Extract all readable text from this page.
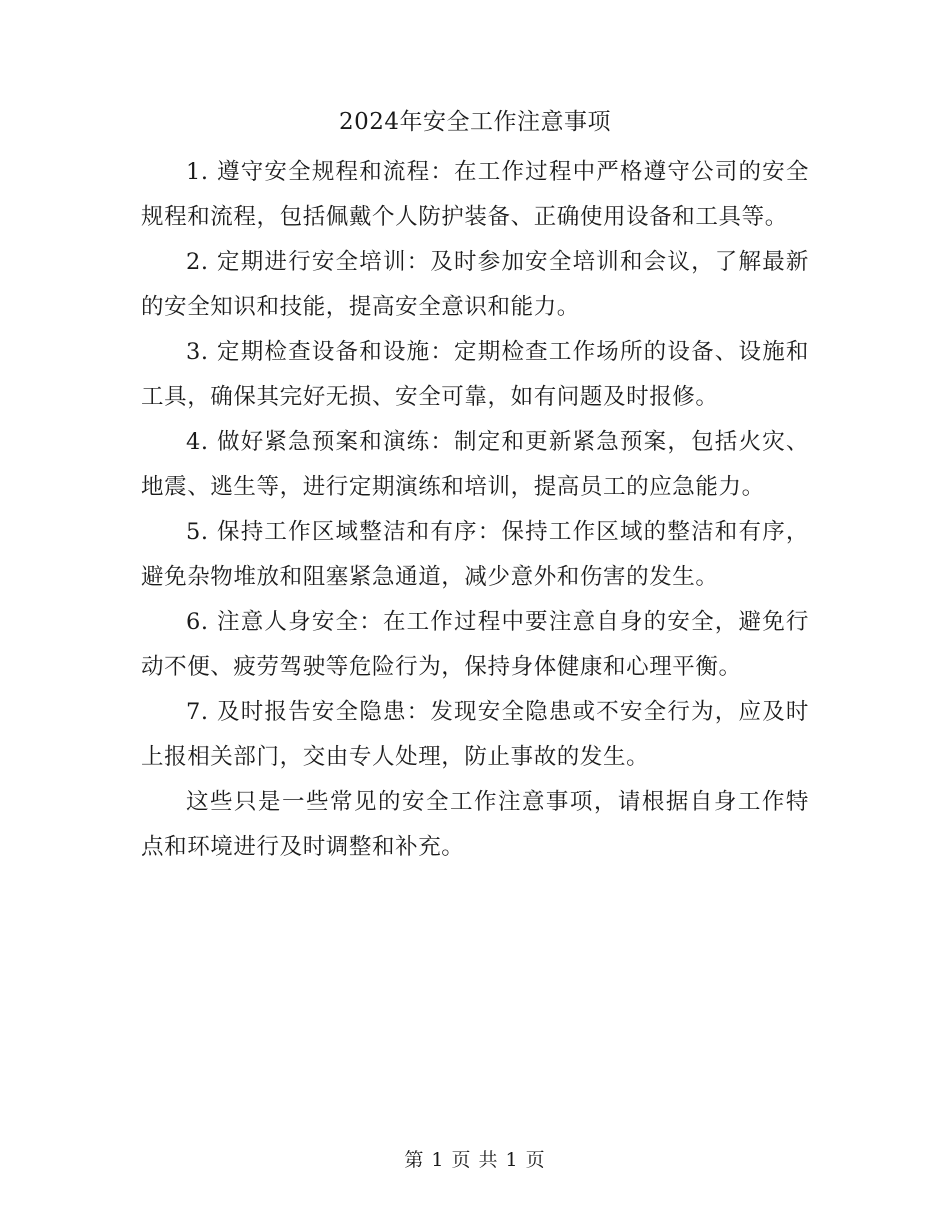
2024年安全工作注意事项

1. 遵守安全规程和流程：在工作过程中严格遵守公司的安全规程和流程，包括佩戴个人防护装备、正确使用设备和工具等。

2. 定期进行安全培训：及时参加安全培训和会议，了解最新的安全知识和技能，提高安全意识和能力。

3. 定期检查设备和设施：定期检查工作场所的设备、设施和工具，确保其完好无损、安全可靠，如有问题及时报修。

4. 做好紧急预案和演练：制定和更新紧急预案，包括火灾、地震、逃生等，进行定期演练和培训，提高员工的应急能力。

5. 保持工作区域整洁和有序：保持工作区域的整洁和有序，避免杂物堆放和阻塞紧急通道，减少意外和伤害的发生。

6. 注意人身安全：在工作过程中要注意自身的安全，避免行动不便、疲劳驾驶等危险行为，保持身体健康和心理平衡。

7. 及时报告安全隐患：发现安全隐患或不安全行为，应及时上报相关部门，交由专人处理，防止事故的发生。

这些只是一些常见的安全工作注意事项，请根据自身工作特点和环境进行及时调整和补充。

第 1 页 共 1 页
